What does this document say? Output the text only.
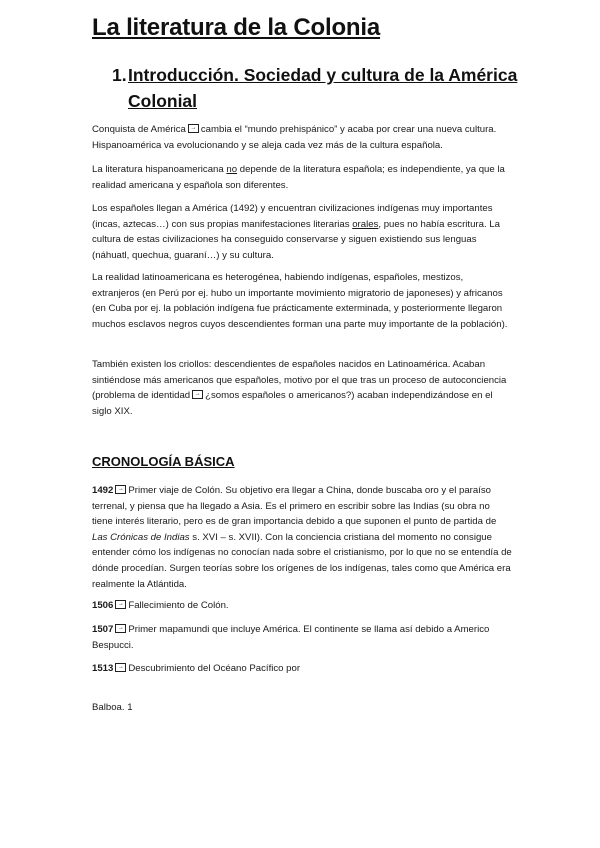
La literatura de la Colonia
1.Introducción. Sociedad y cultura de la América
Colonial

Conquista de América → cambia el “mundo prehispánico” y acaba por crear una nueva cultura. Hispanoamérica va evolucionando y se aleja cada vez más de la cultura española.

La literatura hispanoamericana no depende de la literatura española; es independiente, ya que la realidad americana y española son diferentes.

Los españoles llegan a América (1492) y encuentran civilizaciones indígenas muy importantes (incas, aztecas…) con sus propias manifestaciones literarias orales, pues no había escritura. La cultura de estas civilizaciones ha conseguido conservarse y siguen existiendo sus lenguas (náhuatl, quechua, guaraní…) y su cultura.

La realidad latinoamericana es heterogénea, habiendo indígenas, españoles, mestizos, extranjeros (en Perú por ej. hubo un importante movimiento migratorio de japoneses) y africanos (en Cuba por ej. la población indígena fue prácticamente exterminada, y posteriormente llegaron muchos esclavos negros cuyos descendientes forman una parte muy importante de la población).

También existen los criollos: descendientes de españoles nacidos en Latinoamérica. Acaban sintiéndose más americanos que españoles, motivo por el que tras un proceso de autoconciencia (problema de identidad → ¿somos españoles o americanos?) acaban independizándose en el siglo XIX.

CRONOLOGÍA BÁSICA

1492 → Primer viaje de Colón. Su objetivo era llegar a China, donde buscaba oro y el paraíso terrenal, y piensa que ha llegado a Asia. Es el primero en escribir sobre las Indias (su obra no tiene interés literario, pero es de gran importancia debido a que suponen el punto de partida de Las Crónicas de Indias s. XVI – s. XVII). Con la conciencia cristiana del momento no consigue entender cómo los indígenas no conocían nada sobre el cristianismo, por lo que no se entendía de dónde procedían. Surgen teorías sobre los orígenes de los indígenas, tales como que América era realmente la Atlántida.

1506 → Fallecimiento de Colón.

1507 → Primer mapamundi que incluye América. El continente se llama así debido a Americo Bespucci.

1513 → Descubrimiento del Océano Pacífico por

Balboa. 1
